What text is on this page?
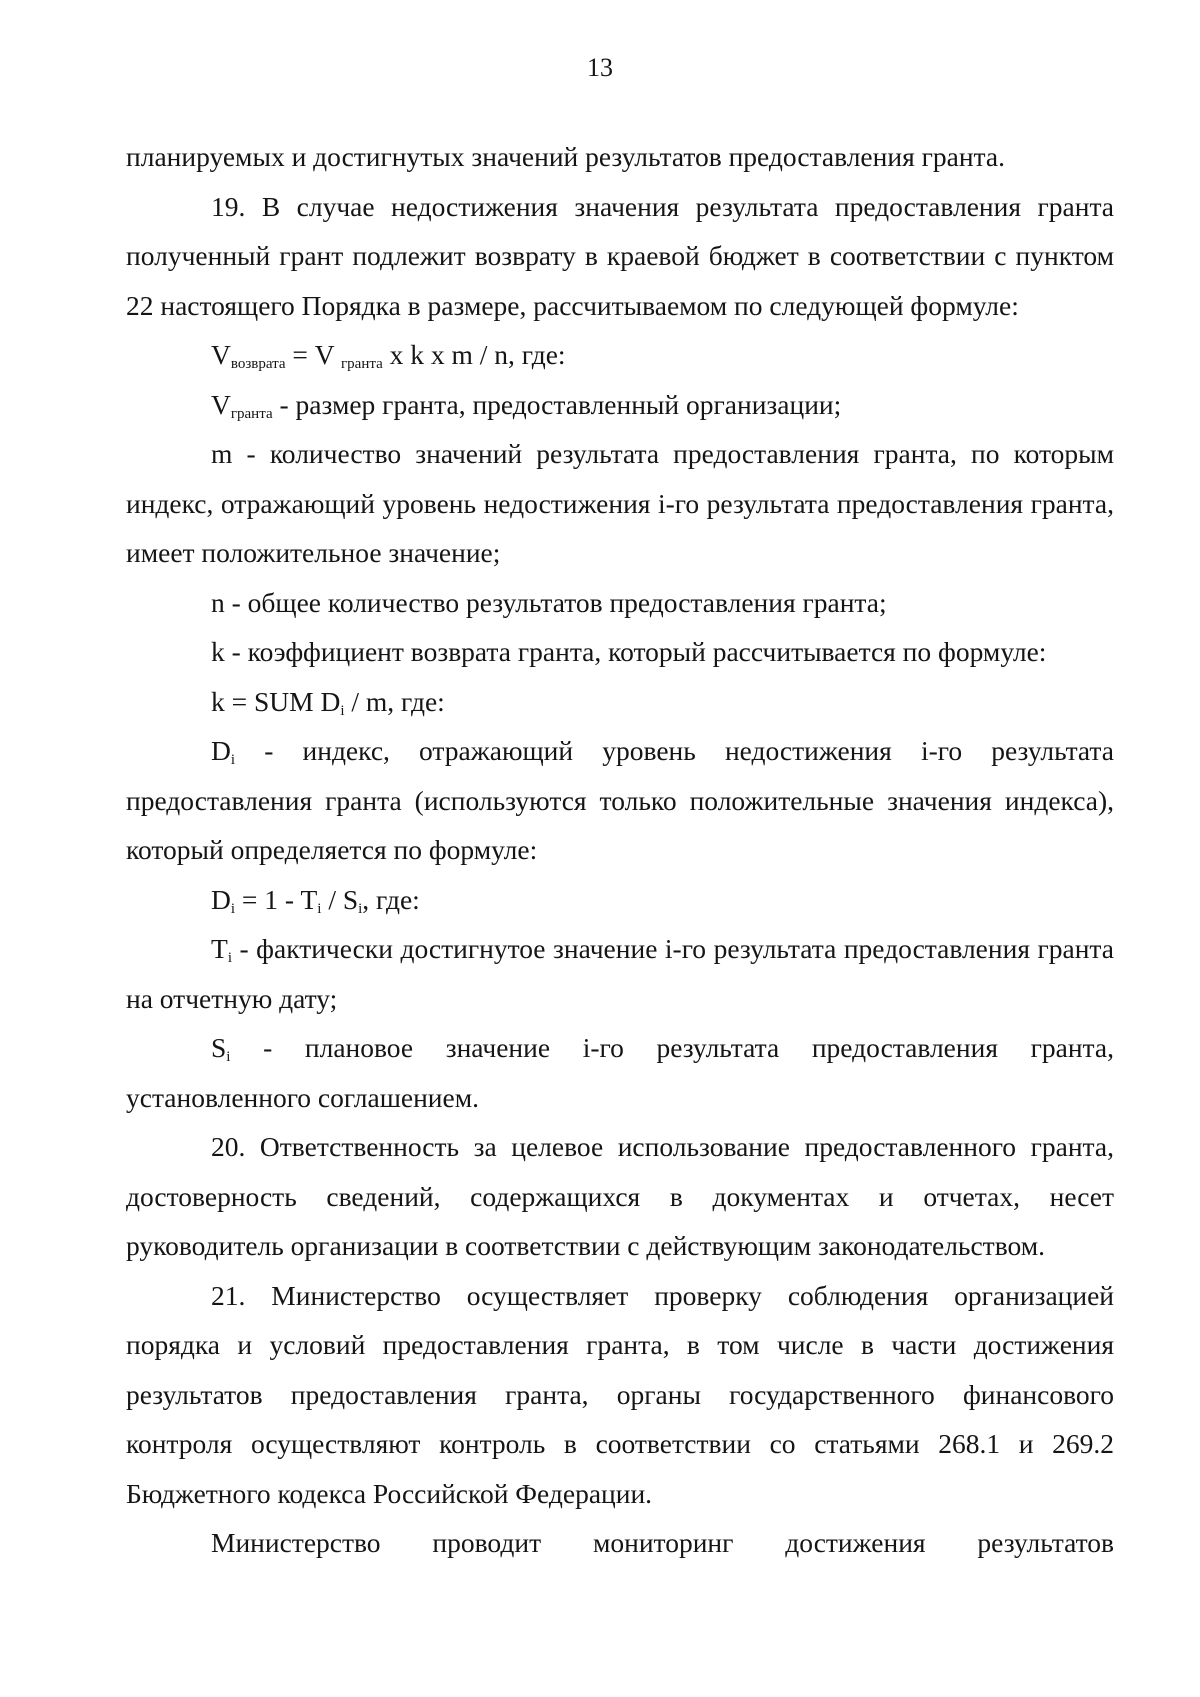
13

планируемых и достигнутых значений результатов предоставления гранта.

19. В случае недостижения значения результата предоставления гранта полученный грант подлежит возврату в краевой бюджет в соответствии с пунктом 22 настоящего Порядка в размере, рассчитываемом по следующей формуле:

$V_{возврата} = V$ $_{гранта}$ x k x m / n, где:

$V_{гранта}$ - размер гранта, предоставленный организации;

m - количество значений результата предоставления гранта, по которым индекс, отражающий уровень недостижения i-го результата предоставления гранта, имеет положительное значение;

n - общее количество результатов предоставления гранта;

k - коэффициент возврата гранта, который рассчитывается по формуле:

k = SUM $D_i$ / m, где:

$D_i$ - индекс, отражающий уровень недостижения i-го результата предоставления гранта (используются только положительные значения индекса), который определяется по формуле:

$D_i = 1 - T_i / S_i$, где:

$T_i$ - фактически достигнутое значение i-го результата предоставления гранта на отчетную дату;

$S_i$ - плановое значение i-го результата предоставления гранта, установленного соглашением.

20. Ответственность за целевое использование предоставленного гранта, достоверность сведений, содержащихся в документах и отчетах, несет руководитель организации в соответствии с действующим законодательством.

21. Министерство осуществляет проверку соблюдения организацией порядка и условий предоставления гранта, в том числе в части достижения результатов предоставления гранта, органы государственного финансового контроля осуществляют контроль в соответствии со статьями 268.1 и 269.2 Бюджетного кодекса Российской Федерации.

Министерство проводит мониторинг достижения результатов
